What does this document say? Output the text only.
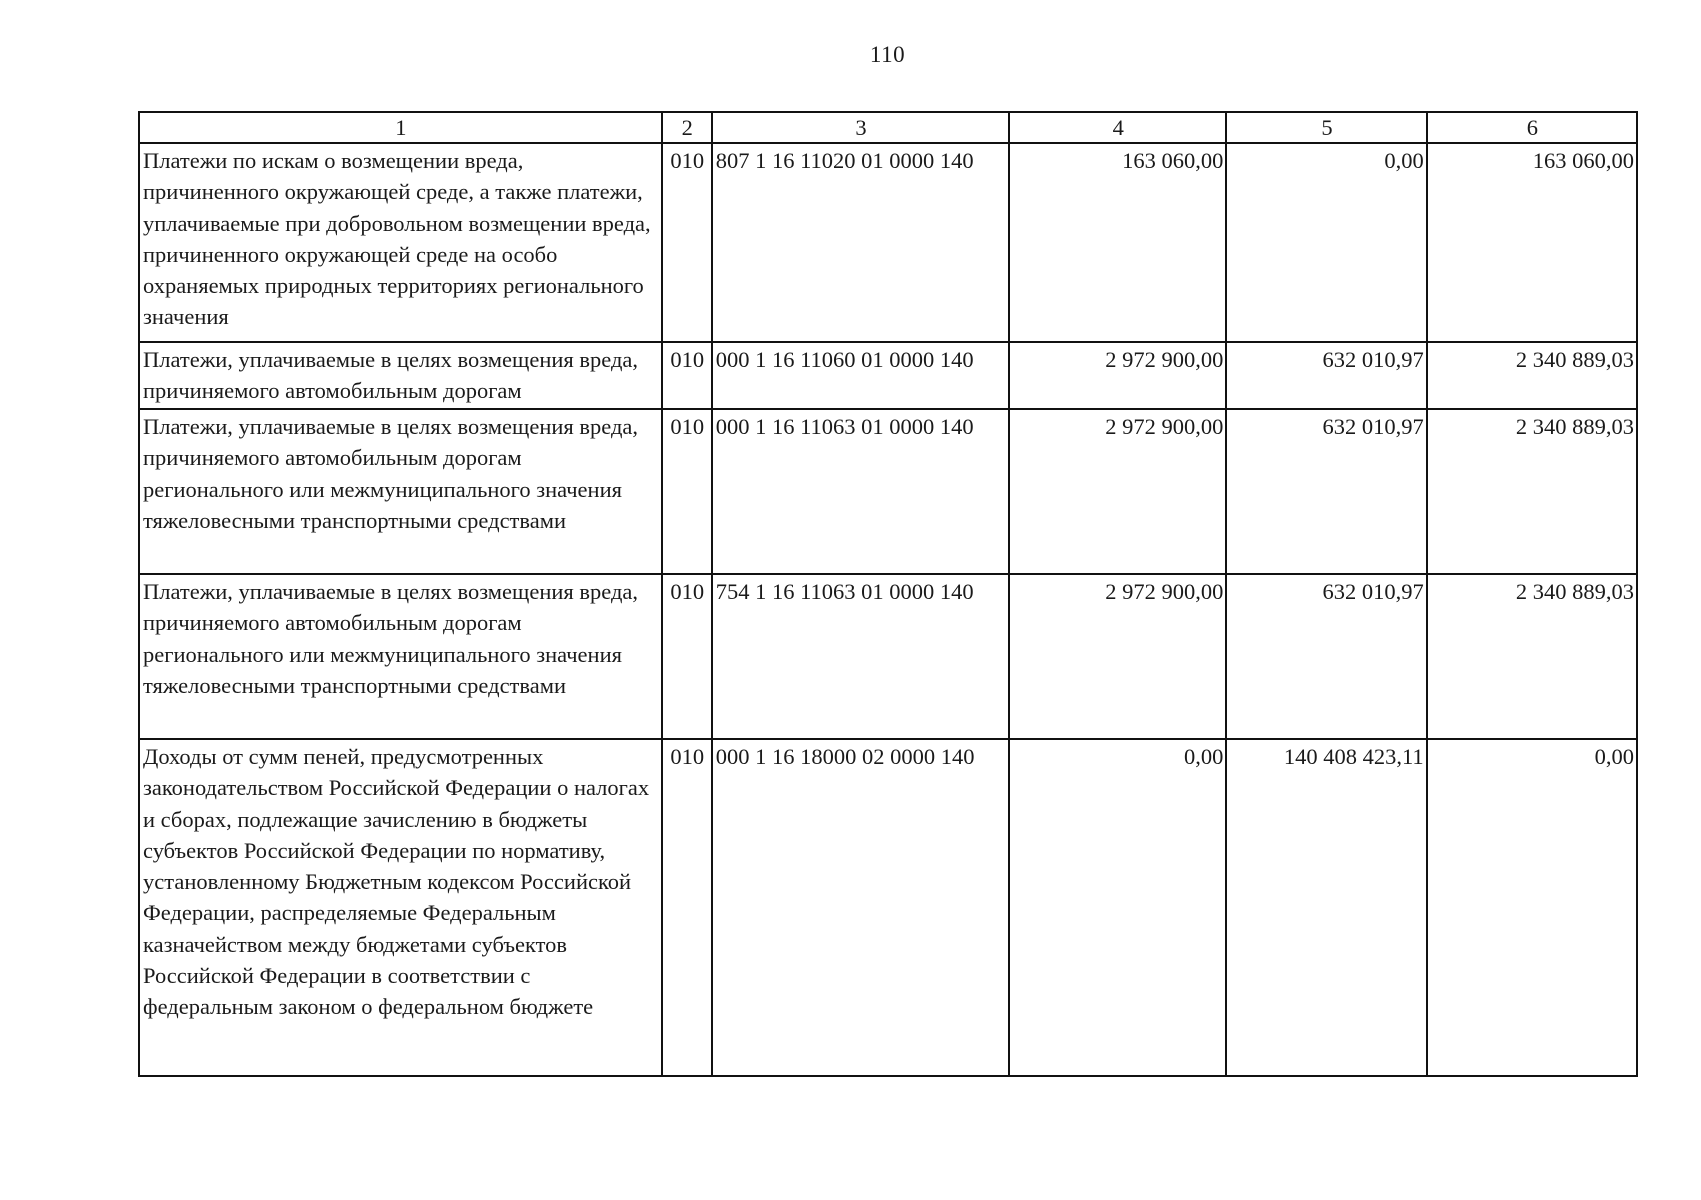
110
1	2	3	4	5	6
Платежи по искам о возмещении вреда, причиненного окружающей среде, а также платежи, уплачиваемые при добровольном возмещении вреда, причиненного окружающей среде на особо охраняемых природных территориях регионального значения	010	807 1 16 11020 01 0000 140	163 060,00	0,00	163 060,00
Платежи, уплачиваемые в целях возмещения вреда, причиняемого автомобильным дорогам	010	000 1 16 11060 01 0000 140	2 972 900,00	632 010,97	2 340 889,03
Платежи, уплачиваемые в целях возмещения вреда, причиняемого автомобильным дорогам регионального или межмуниципального значения тяжеловесными транспортными средствами	010	000 1 16 11063 01 0000 140	2 972 900,00	632 010,97	2 340 889,03
Платежи, уплачиваемые в целях возмещения вреда, причиняемого автомобильным дорогам регионального или межмуниципального значения тяжеловесными транспортными средствами	010	754 1 16 11063 01 0000 140	2 972 900,00	632 010,97	2 340 889,03
Доходы от сумм пеней, предусмотренных законодательством Российской Федерации о налогах и сборах, подлежащие зачислению в бюджеты субъектов Российской Федерации по нормативу, установленному Бюджетным кодексом Российской Федерации, распределяемые Федеральным казначейством между бюджетами субъектов Российской Федерации в соответствии с федеральным законом о федеральном бюджете	010	000 1 16 18000 02 0000 140	0,00	140 408 423,11	0,00
